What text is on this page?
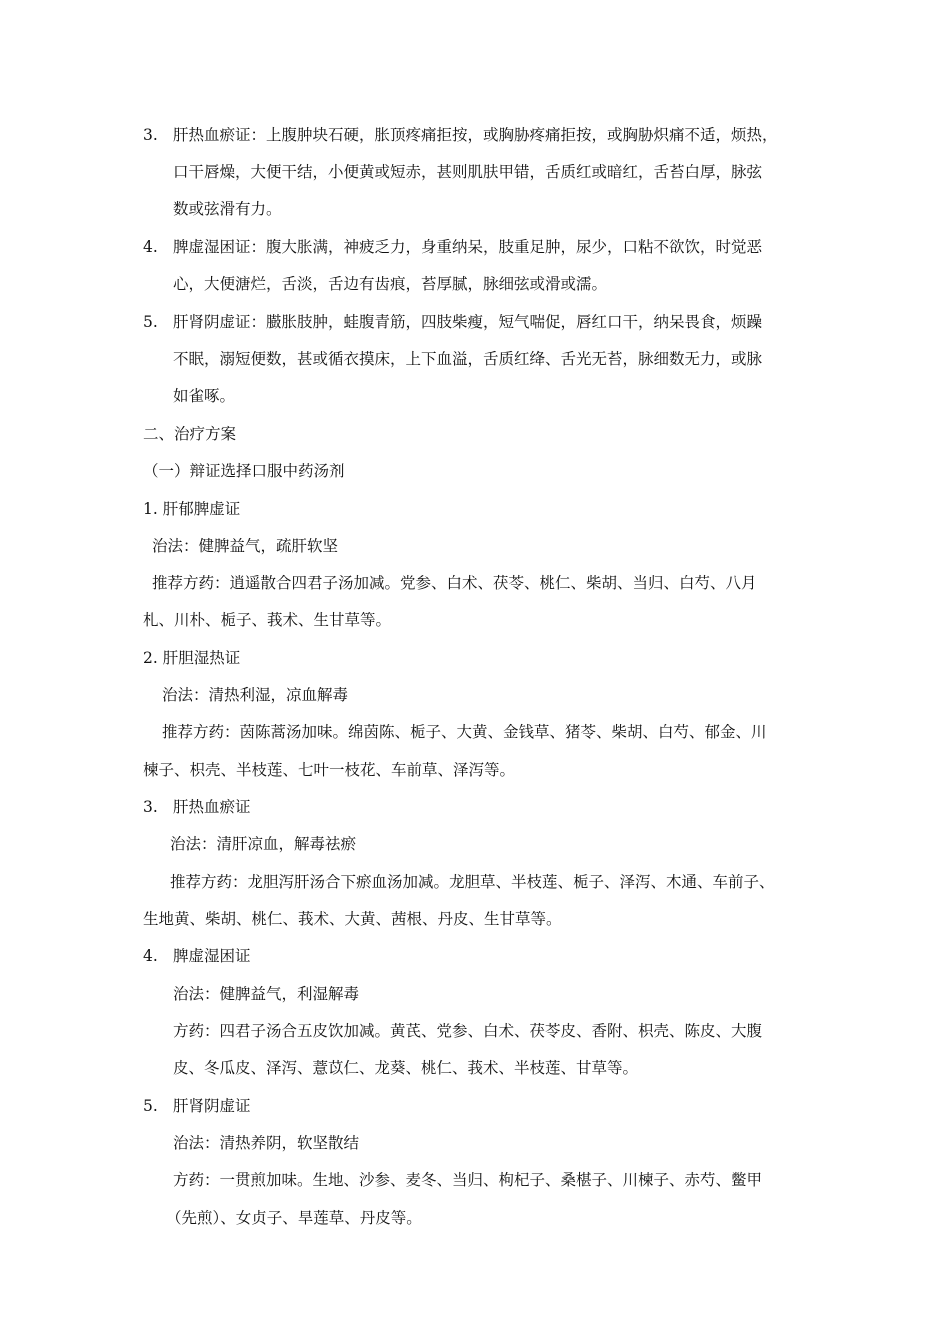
3. 肝热血瘀证：上腹肿块石硬，胀顶疼痛拒按，或胸胁疼痛拒按，或胸胁炽痛不适，烦热，
口干唇燥，大便干结，小便黄或短赤，甚则肌肤甲错，舌质红或暗红，舌苔白厚，脉弦
数或弦滑有力。
4. 脾虚湿困证：腹大胀满，神疲乏力，身重纳呆，肢重足肿，尿少，口粘不欲饮，时觉恶
心，大便溏烂，舌淡，舌边有齿痕，苔厚腻，脉细弦或滑或濡。
5. 肝肾阴虚证：臌胀肢肿，蛙腹青筋，四肢柴瘦，短气喘促，唇红口干，纳呆畏食，烦躁
不眠，溺短便数，甚或循衣摸床，上下血溢，舌质红绛、舌光无苔，脉细数无力，或脉
如雀啄。
二、治疗方案
（一）辩证选择口服中药汤剂
1. 肝郁脾虚证
治法：健脾益气，疏肝软坚
推荐方药：逍遥散合四君子汤加减。党参、白术、茯苓、桃仁、柴胡、当归、白芍、八月
札、川朴、栀子、莪术、生甘草等。
2. 肝胆湿热证
治法：清热利湿，凉血解毒
推荐方药：茵陈蒿汤加味。绵茵陈、栀子、大黄、金钱草、猪苓、柴胡、白芍、郁金、川
楝子、枳壳、半枝莲、七叶一枝花、车前草、泽泻等。
3. 肝热血瘀证
治法：清肝凉血，解毒祛瘀
推荐方药：龙胆泻肝汤合下瘀血汤加减。龙胆草、半枝莲、栀子、泽泻、木通、车前子、
生地黄、柴胡、桃仁、莪术、大黄、茜根、丹皮、生甘草等。
4. 脾虚湿困证
治法：健脾益气，利湿解毒
方药：四君子汤合五皮饮加减。黄芪、党参、白术、茯苓皮、香附、枳壳、陈皮、大腹
皮、冬瓜皮、泽泻、薏苡仁、龙葵、桃仁、莪术、半枝莲、甘草等。
5. 肝肾阴虚证
治法：清热养阴，软坚散结
方药：一贯煎加味。生地、沙参、麦冬、当归、枸杞子、桑椹子、川楝子、赤芍、鳖甲
（先煎）、女贞子、旱莲草、丹皮等。
